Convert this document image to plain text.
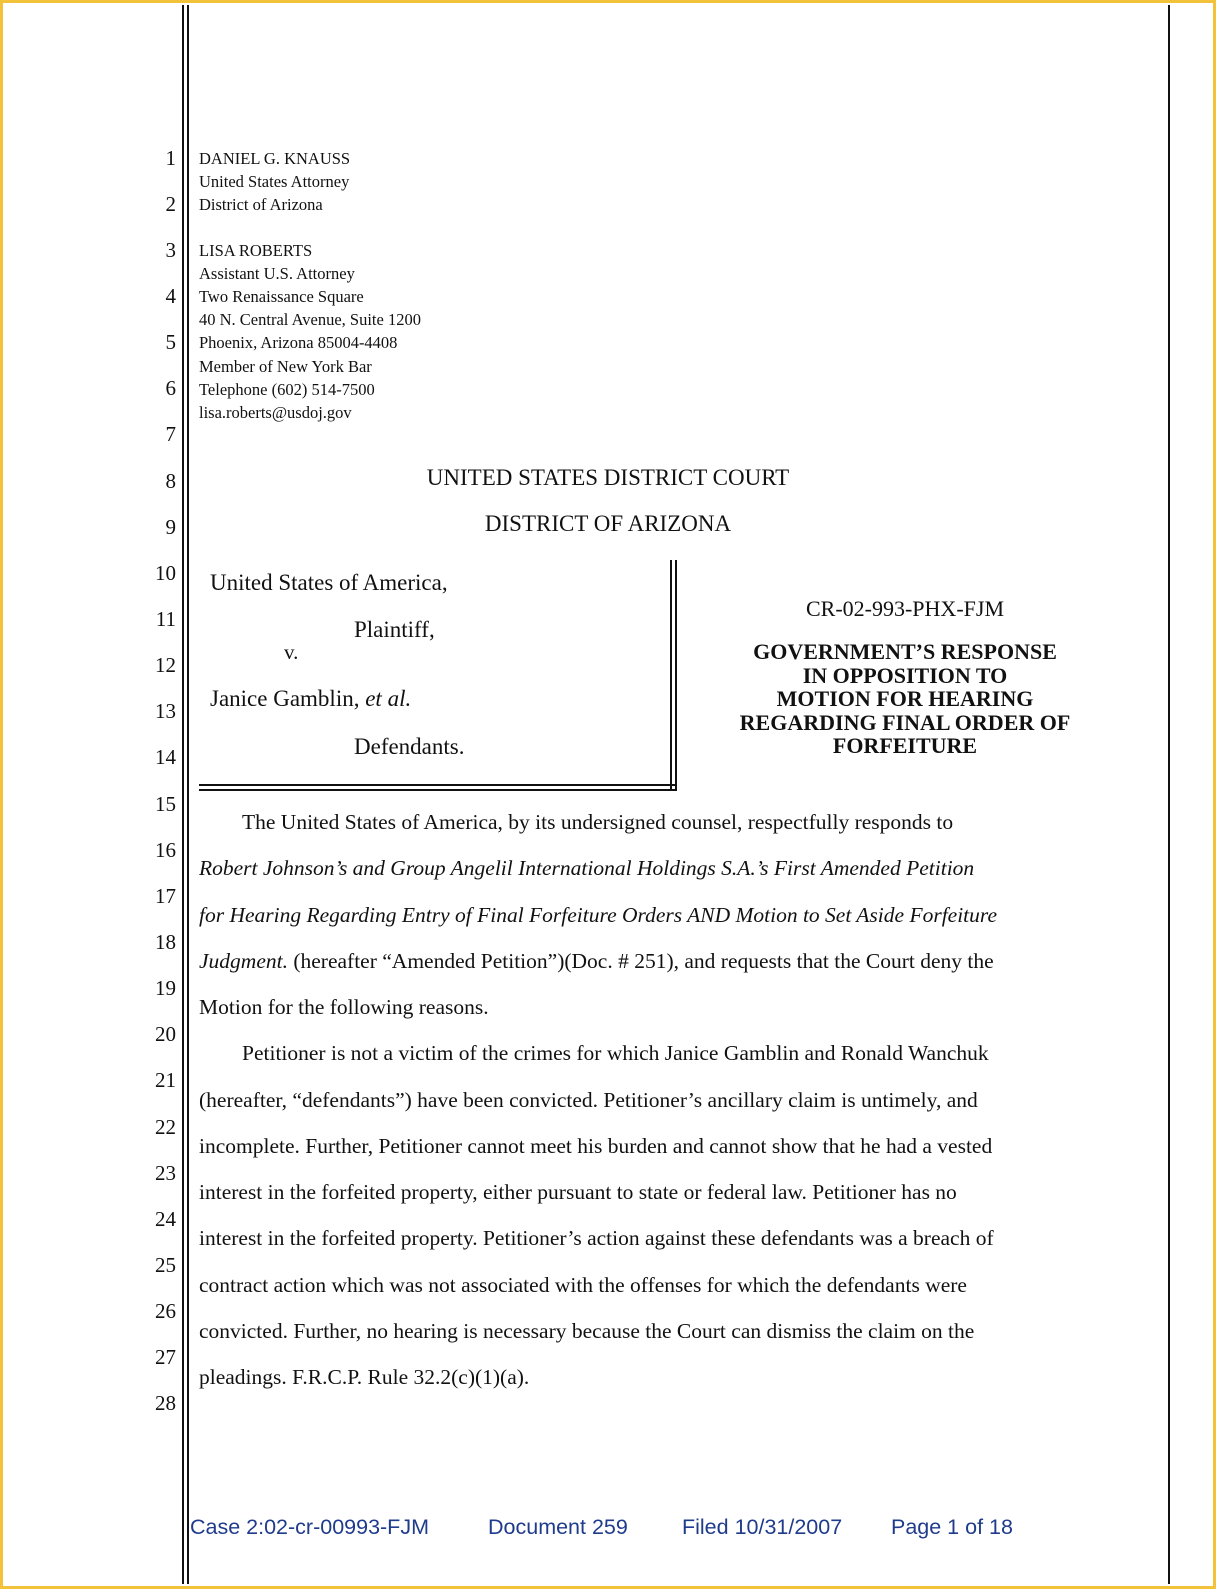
1
2
3
4
5
6
7
8
9
10
11
12
13
14
15
16
17
18
19
20
21
22
23
24
25
26
27
28
DANIEL G. KNAUSS
United States Attorney
District of Arizona
LISA ROBERTS
Assistant U.S. Attorney
Two Renaissance Square
40 N. Central Avenue, Suite 1200
Phoenix, Arizona 85004-4408
Member of New York Bar
Telephone (602) 514-7500
lisa.roberts@usdoj.gov
UNITED STATES DISTRICT COURT
DISTRICT OF ARIZONA
United States of America,
Plaintiff,
v.
Janice Gamblin, et al.
Defendants.
CR-02-993-PHX-FJM
GOVERNMENT’S RESPONSE
IN OPPOSITION TO
MOTION FOR HEARING
REGARDING FINAL ORDER OF
FORFEITURE
The United States of America, by its undersigned counsel, respectfully responds to
Robert Johnson’s and Group Angelil International Holdings S.A.’s First Amended Petition
for Hearing Regarding Entry of Final Forfeiture Orders AND Motion to Set Aside Forfeiture
Judgment. (hereafter “Amended Petition”)(Doc. # 251), and requests that the Court deny the
Motion for the following reasons.
Petitioner is not a victim of the crimes for which Janice Gamblin and Ronald Wanchuk
(hereafter, “defendants”) have been convicted. Petitioner’s ancillary claim is untimely, and
incomplete. Further, Petitioner cannot meet his burden and cannot show that he had a vested
interest in the forfeited property, either pursuant to state or federal law. Petitioner has no
interest in the forfeited property. Petitioner’s action against these defendants was a breach of
contract action which was not associated with the offenses for which the defendants were
convicted. Further, no hearing is necessary because the Court can dismiss the claim on the
pleadings. F.R.C.P. Rule 32.2(c)(1)(a).
Case 2:02-cr-00993-FJM	Document 259	Filed 10/31/2007 Page 1 of 18
